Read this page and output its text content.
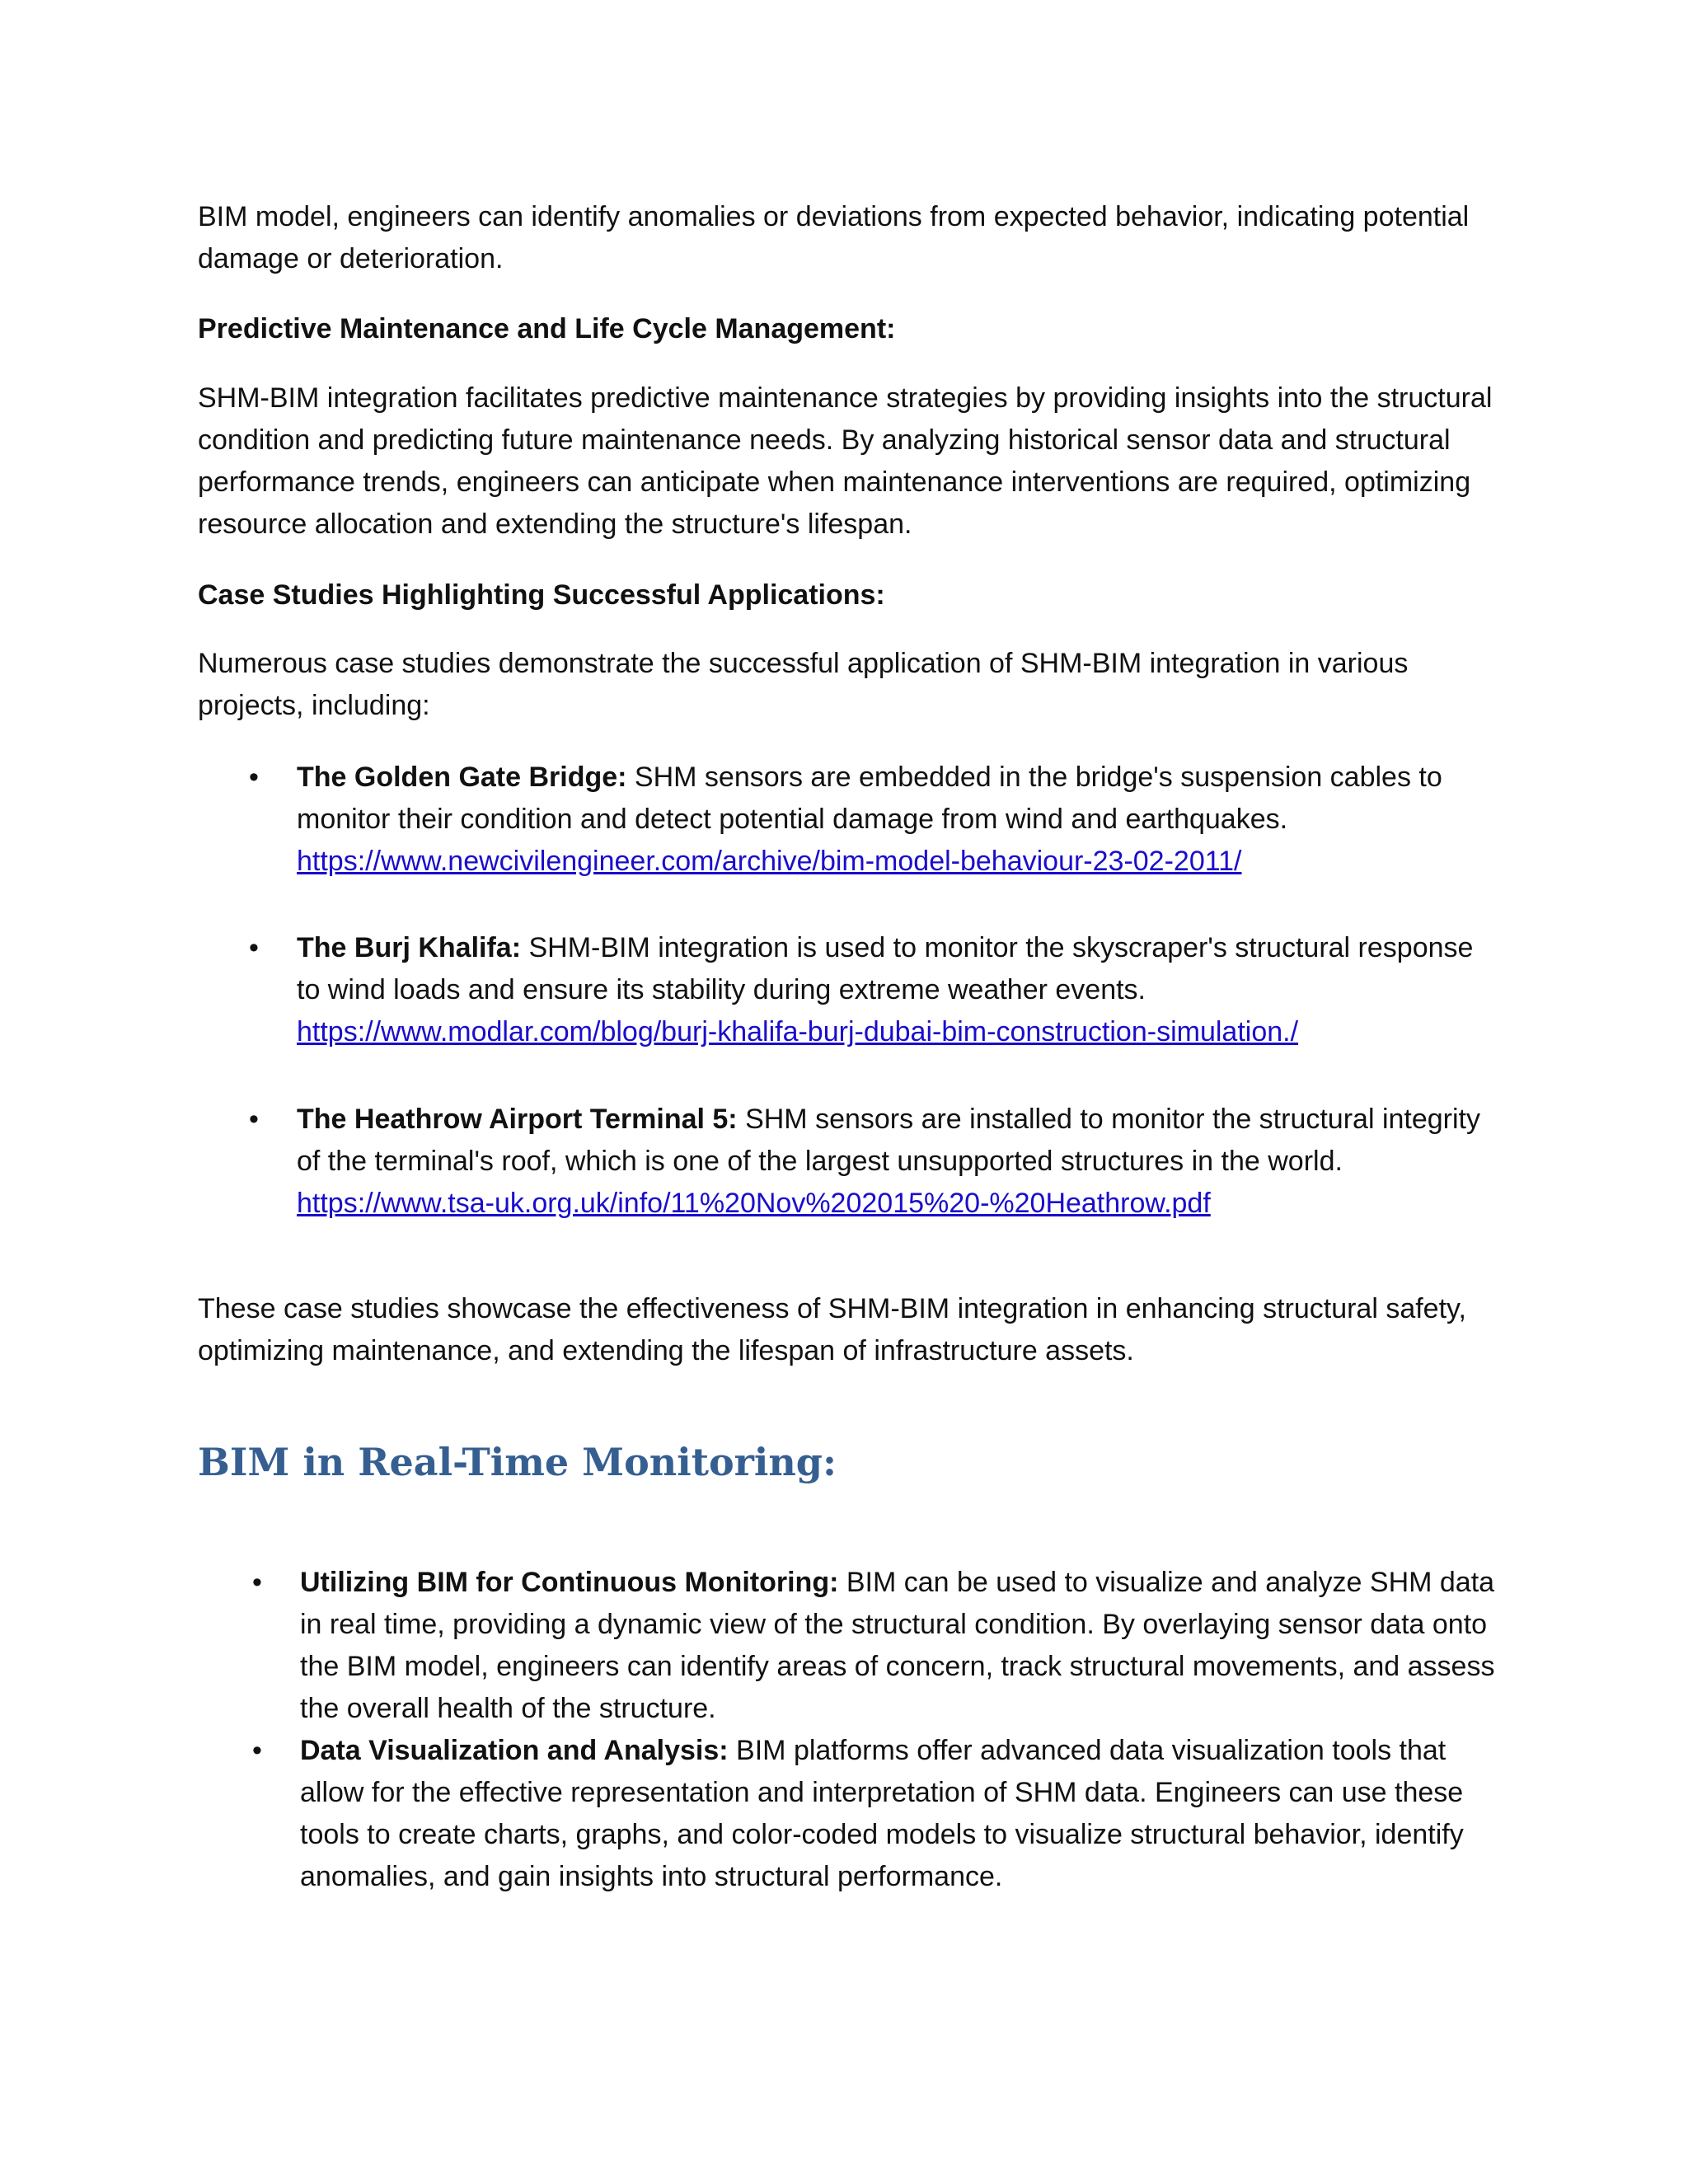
BIM model, engineers can identify anomalies or deviations from expected behavior, indicating potential damage or deterioration.

Predictive Maintenance and Life Cycle Management:

SHM-BIM integration facilitates predictive maintenance strategies by providing insights into the structural condition and predicting future maintenance needs. By analyzing historical sensor data and structural performance trends, engineers can anticipate when maintenance interventions are required, optimizing resource allocation and extending the structure's lifespan.

Case Studies Highlighting Successful Applications:

Numerous case studies demonstrate the successful application of SHM-BIM integration in various projects, including:

• The Golden Gate Bridge: SHM sensors are embedded in the bridge's suspension cables to monitor their condition and detect potential damage from wind and earthquakes.
https://www.newcivilengineer.com/archive/bim-model-behaviour-23-02-2011/
• The Burj Khalifa: SHM-BIM integration is used to monitor the skyscraper's structural response to wind loads and ensure its stability during extreme weather events.
https://www.modlar.com/blog/burj-khalifa-burj-dubai-bim-construction-simulation./
• The Heathrow Airport Terminal 5: SHM sensors are installed to monitor the structural integrity of the terminal's roof, which is one of the largest unsupported structures in the world.
https://www.tsa-uk.org.uk/info/11%20Nov%202015%20-%20Heathrow.pdf

These case studies showcase the effectiveness of SHM-BIM integration in enhancing structural safety, optimizing maintenance, and extending the lifespan of infrastructure assets.

BIM in Real-Time Monitoring:
• Utilizing BIM for Continuous Monitoring: BIM can be used to visualize and analyze SHM data in real time, providing a dynamic view of the structural condition. By overlaying sensor data onto the BIM model, engineers can identify areas of concern, track structural movements, and assess the overall health of the structure.
• Data Visualization and Analysis: BIM platforms offer advanced data visualization tools that allow for the effective representation and interpretation of SHM data. Engineers can use these tools to create charts, graphs, and color-coded models to visualize structural behavior, identify anomalies, and gain insights into structural performance.
